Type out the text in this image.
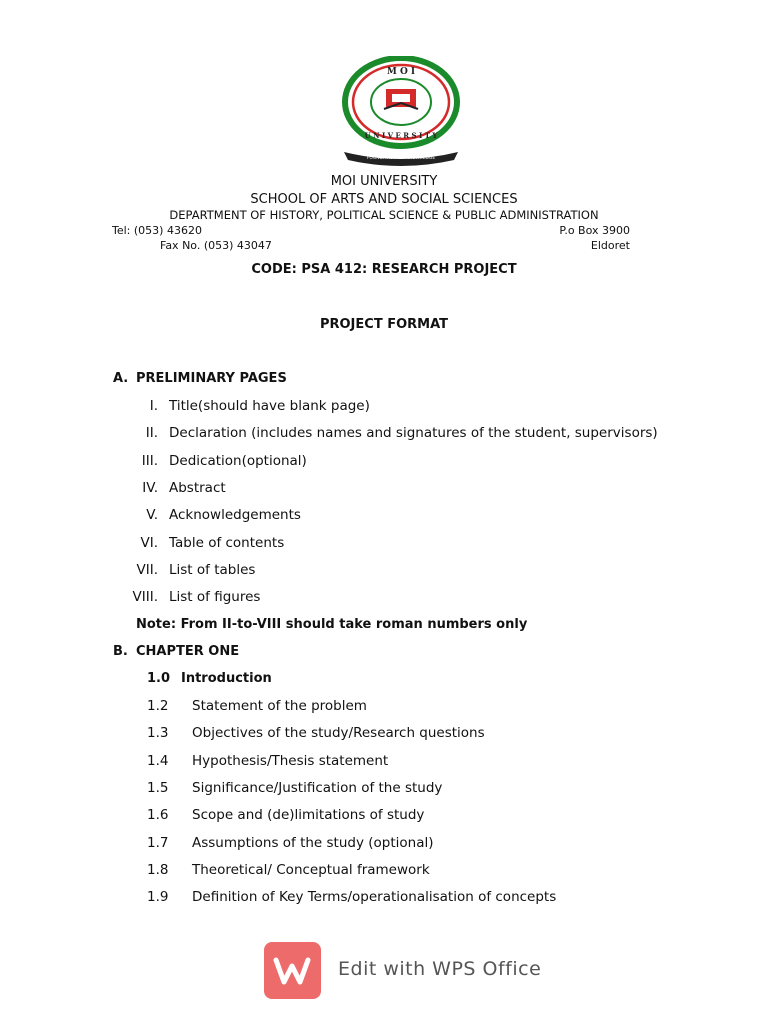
M O I
U N I V E R S I T Y
FOUNDATION OF KNOWLEDGE
MOI UNIVERSITY
SCHOOL OF ARTS AND SOCIAL SCIENCES
DEPARTMENT OF HISTORY, POLITICAL SCIENCE & PUBLIC ADMINISTRATION
Tel: (053) 43620	P.o Box 3900
Fax No. (053) 43047	Eldoret
CODE: PSA 412: RESEARCH PROJECT
PROJECT FORMAT
A. PRELIMINARY PAGES
I. Title(should have blank page)
II. Declaration (includes names and signatures of the student, supervisors)
III. Dedication(optional)
IV. Abstract
V. Acknowledgements
VI. Table of contents
VII. List of tables
VIII. List of figures
Note: From II-to-VIII should take roman numbers only
B. CHAPTER ONE
1.0 Introduction
1.2 Statement of the problem
1.3 Objectives of the study/Research questions
1.4 Hypothesis/Thesis statement
1.5 Significance/Justification of the study
1.6 Scope and (de)limitations of study
1.7 Assumptions of the study (optional)
1.8 Theoretical/ Conceptual framework
1.9 Definition of Key Terms/operationalisation of concepts
Edit with WPS Office
